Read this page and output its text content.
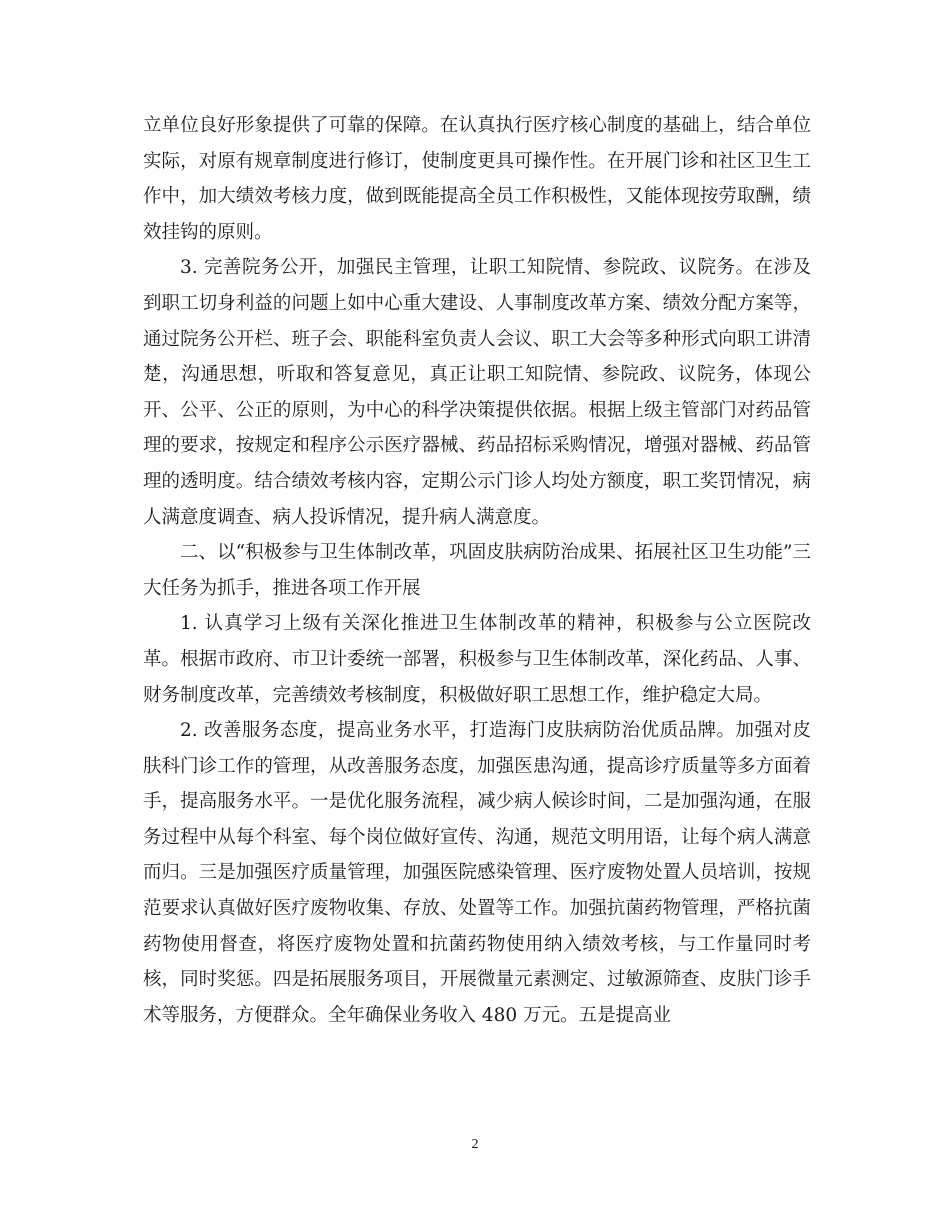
立单位良好形象提供了可靠的保障。在认真执行医疗核心制度的基础上，结合单位实际，对原有规章制度进行修订，使制度更具可操作性。在开展门诊和社区卫生工作中，加大绩效考核力度，做到既能提高全员工作积极性，又能体现按劳取酬，绩效挂钩的原则。

3. 完善院务公开，加强民主管理，让职工知院情、参院政、议院务。在涉及到职工切身利益的问题上如中心重大建设、人事制度改革方案、绩效分配方案等，通过院务公开栏、班子会、职能科室负责人会议、职工大会等多种形式向职工讲清楚，沟通思想，听取和答复意见，真正让职工知院情、参院政、议院务，体现公开、公平、公正的原则，为中心的科学决策提供依据。根据上级主管部门对药品管理的要求，按规定和程序公示医疗器械、药品招标采购情况，增强对器械、药品管理的透明度。结合绩效考核内容，定期公示门诊人均处方额度，职工奖罚情况，病人满意度调查、病人投诉情况，提升病人满意度。

二、以“积极参与卫生体制改革，巩固皮肤病防治成果、拓展社区卫生功能”三大任务为抓手，推进各项工作开展

1. 认真学习上级有关深化推进卫生体制改革的精神，积极参与公立医院改革。根据市政府、市卫计委统一部署，积极参与卫生体制改革，深化药品、人事、财务制度改革，完善绩效考核制度，积极做好职工思想工作，维护稳定大局。

2. 改善服务态度，提高业务水平，打造海门皮肤病防治优质品牌。加强对皮肤科门诊工作的管理，从改善服务态度，加强医患沟通，提高诊疗质量等多方面着手，提高服务水平。一是优化服务流程，减少病人候诊时间，二是加强沟通，在服务过程中从每个科室、每个岗位做好宣传、沟通，规范文明用语，让每个病人满意而归。三是加强医疗质量管理，加强医院感染管理、医疗废物处置人员培训，按规范要求认真做好医疗废物收集、存放、处置等工作。加强抗菌药物管理，严格抗菌药物使用督查，将医疗废物处置和抗菌药物使用纳入绩效考核，与工作量同时考核，同时奖惩。四是拓展服务项目，开展微量元素测定、过敏源筛查、皮肤门诊手术等服务，方便群众。全年确保业务收入 480 万元。五是提高业

2
